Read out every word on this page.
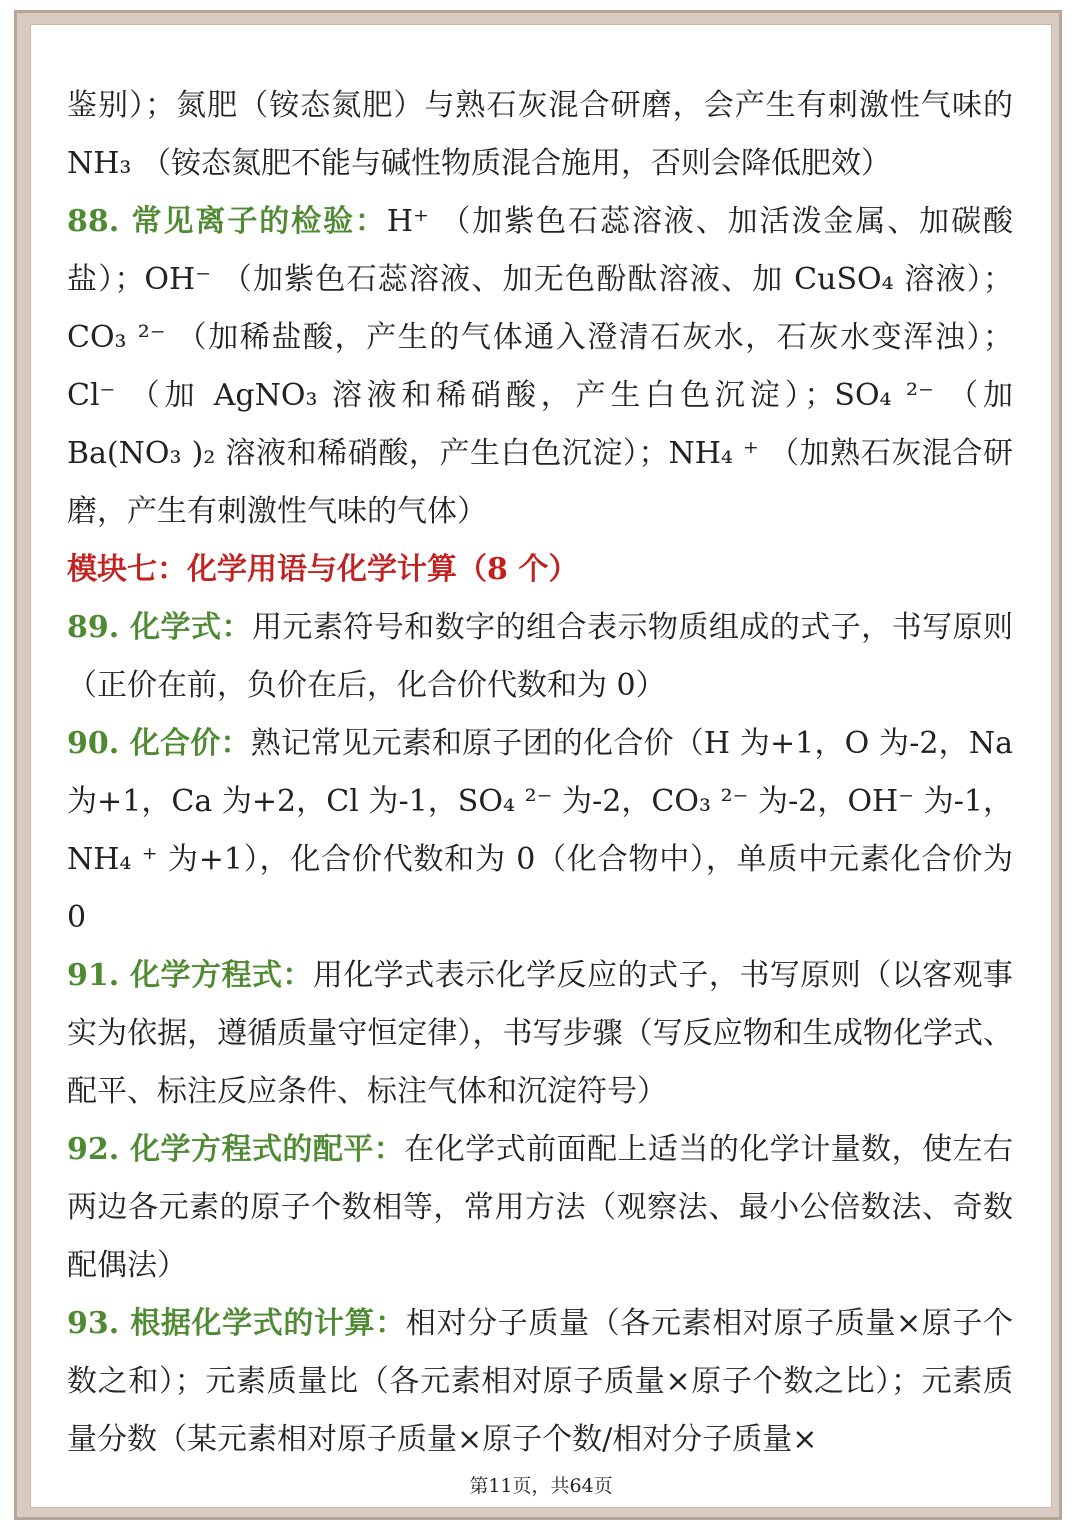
鉴别）；氮肥（铵态氮肥）与熟石灰混合研磨，会产生有刺激性气味的 NH₃ （铵态氮肥不能与碱性物质混合施用，否则会降低肥效）

88. 常见离子的检验：H⁺ （加紫色石蕊溶液、加活泼金属、加碳酸盐）；OH⁻ （加紫色石蕊溶液、加无色酚酞溶液、加 CuSO₄ 溶液）；CO₃ ²⁻ （加稀盐酸，产生的气体通入澄清石灰水，石灰水变浑浊）；Cl⁻ （加 AgNO₃ 溶液和稀硝酸，产生白色沉淀）；SO₄ ²⁻ （加 Ba(NO₃ )₂ 溶液和稀硝酸，产生白色沉淀）；NH₄ ⁺ （加熟石灰混合研磨，产生有刺激性气味的气体）

模块七：化学用语与化学计算（8 个）

89. 化学式：用元素符号和数字的组合表示物质组成的式子，书写原则（正价在前，负价在后，化合价代数和为 0）

90. 化合价：熟记常见元素和原子团的化合价（H 为+1，O 为-2，Na 为+1，Ca 为+2，Cl 为-1，SO₄ ²⁻ 为-2，CO₃ ²⁻ 为-2，OH⁻ 为-1，NH₄ ⁺ 为+1），化合价代数和为 0（化合物中），单质中元素化合价为 0

91. 化学方程式：用化学式表示化学反应的式子，书写原则（以客观事实为依据，遵循质量守恒定律），书写步骤（写反应物和生成物化学式、配平、标注反应条件、标注气体和沉淀符号）

92. 化学方程式的配平：在化学式前面配上适当的化学计量数，使左右两边各元素的原子个数相等，常用方法（观察法、最小公倍数法、奇数配偶法）

93. 根据化学式的计算：相对分子质量（各元素相对原子质量×原子个数之和）；元素质量比（各元素相对原子质量×原子个数之比）；元素质量分数（某元素相对原子质量×原子个数/相对分子质量×

第11页，共64页
